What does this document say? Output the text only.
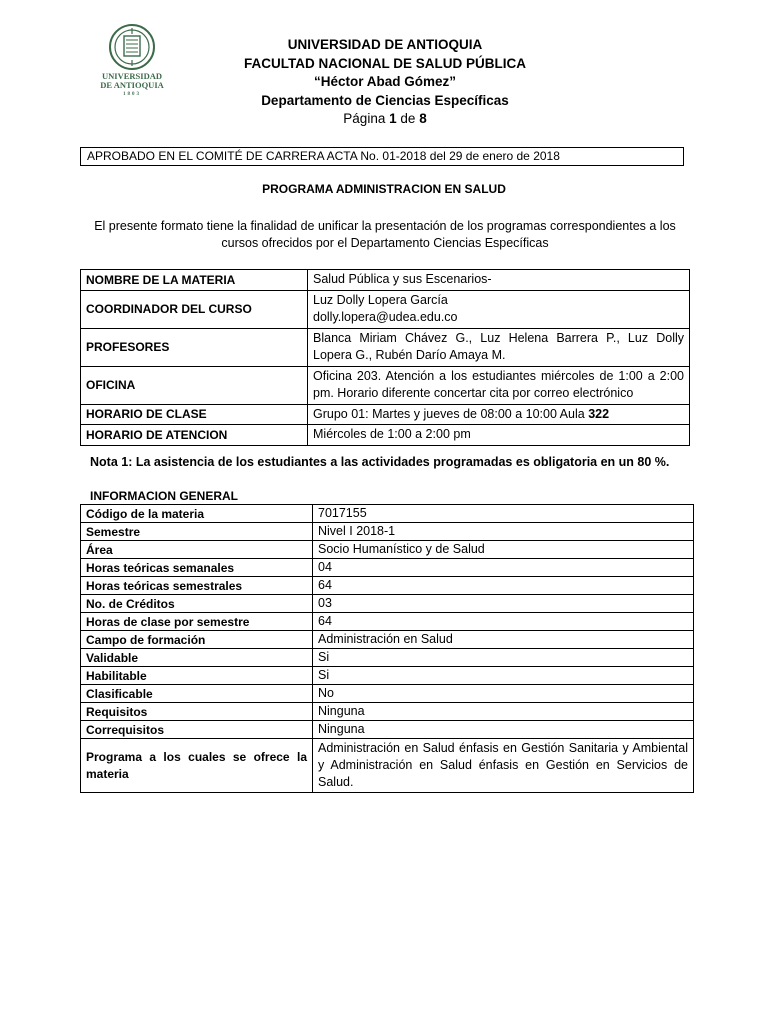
UNIVERSIDAD
DE ANTIOQUIA
1803
UNIVERSIDAD DE ANTIOQUIA
FACULTAD NACIONAL DE SALUD PÚBLICA
“Héctor Abad Gómez”
Departamento de Ciencias Específicas
Página 1 de 8
APROBADO EN EL COMITÉ DE CARRERA ACTA No. 01-2018 del 29 de enero de 2018
PROGRAMA ADMINISTRACION EN SALUD
El presente formato tiene la finalidad de unificar la presentación de los programas correspondientes a los cursos ofrecidos por el Departamento Ciencias Específicas
NOMBRE DE LA MATERIA	Salud Pública y sus Escenarios-
COORDINADOR DEL CURSO	Luz Dolly Lopera García
dolly.lopera@udea.edu.co

PROFESORES	Blanca Miriam Chávez G., Luz Helena Barrera P., Luz Dolly Lopera G., Rubén Darío Amaya M.
OFICINA	Oficina 203. Atención a los estudiantes miércoles de 1:00 a 2:00 pm. Horario diferente concertar cita por correo electrónico
HORARIO DE CLASE	Grupo 01: Martes y jueves de 08:00 a 10:00 Aula 322
HORARIO DE ATENCION	Miércoles de 1:00 a 2:00 pm
Nota 1: La asistencia de los estudiantes a las actividades programadas es obligatoria en un 80 %.
INFORMACION GENERAL
Código de la materia	7017155
Semestre	Nivel I 2018-1
Área	Socio Humanístico y de Salud
Horas teóricas semanales	04
Horas teóricas semestrales	64
No. de Créditos	03
Horas de clase por semestre	64
Campo de formación	Administración en Salud
Validable	Si
Habilitable	Si
Clasificable	No
Requisitos	Ninguna
Correquisitos	Ninguna
Programa a los cuales se ofrece la materia	Administración en Salud énfasis en Gestión Sanitaria y Ambiental y Administración en Salud énfasis en Gestión en Servicios de Salud.
